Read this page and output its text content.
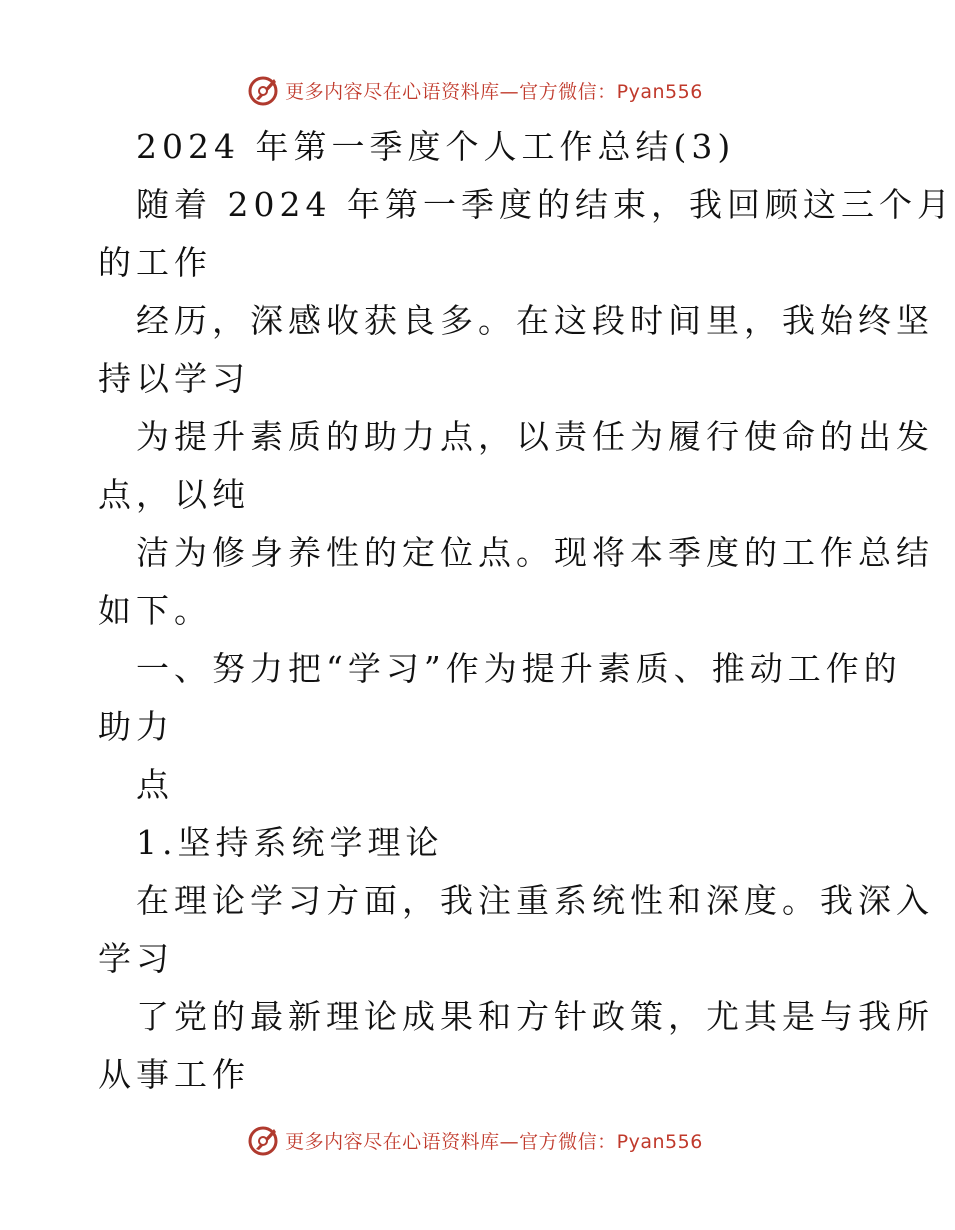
更多内容尽在心语资料库—官方微信：Pyan556
2024 年第一季度个人工作总结(3)
随着 2024 年第一季度的结束，我回顾这三个月
的工作
经历，深感收获良多。在这段时间里，我始终坚
持以学习
为提升素质的助力点，以责任为履行使命的出发
点，以纯
洁为修身养性的定位点。现将本季度的工作总结
如下。
一、努力把“学习”作为提升素质、推动工作的
助力
点
1.坚持系统学理论
在理论学习方面，我注重系统性和深度。我深入
学习
了党的最新理论成果和方针政策，尤其是与我所
从事工作
更多内容尽在心语资料库—官方微信：Pyan556
